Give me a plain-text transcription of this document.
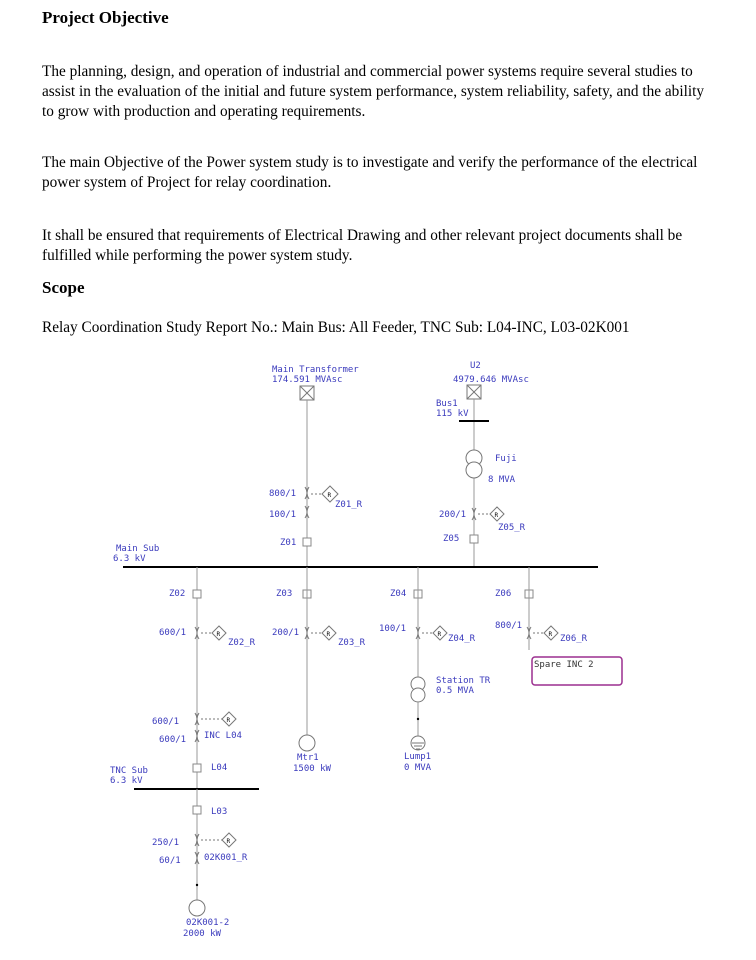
Project Objective

The planning, design, and operation of industrial and commercial power systems require several studies to assist in the evaluation of the initial and future system performance, system reliability, safety, and the ability to grow with production and operating requirements.

The main Objective of the Power system study is to investigate and verify the performance of the electrical power system of Project for relay coordination.

It shall be ensured that requirements of Electrical Drawing and other relevant project documents shall be fulfilled while performing the power system study.

Scope

Relay Coordination Study Report No.: Main Bus: All Feeder, TNC Sub: L04-INC, L03-02K001

Main Transformer
174.591 MVAsc
R
800/1
100/1
Z01_R
Z01
U2
4979.646 MVAsc
Bus1
115 kV
Fuji
8 MVA
R
200/1
Z05_R
Z05
Main Sub
6.3 kV
Z02
R
600/1
Z02_R
R
600/1
600/1 INC L04
L04
TNC Sub
6.3 kV
L03
R
250/1
60/1	02K001_R
02K001-2
2000 kW
Z03
R
200/1
Z03_R
Mtr1
1500 kW
Z04
R
100/1
Z04_R
Station TR
0.5 MVA
Lump1
0 MVA
Z06
R
800/1
Z06_R
Spare INC 2
